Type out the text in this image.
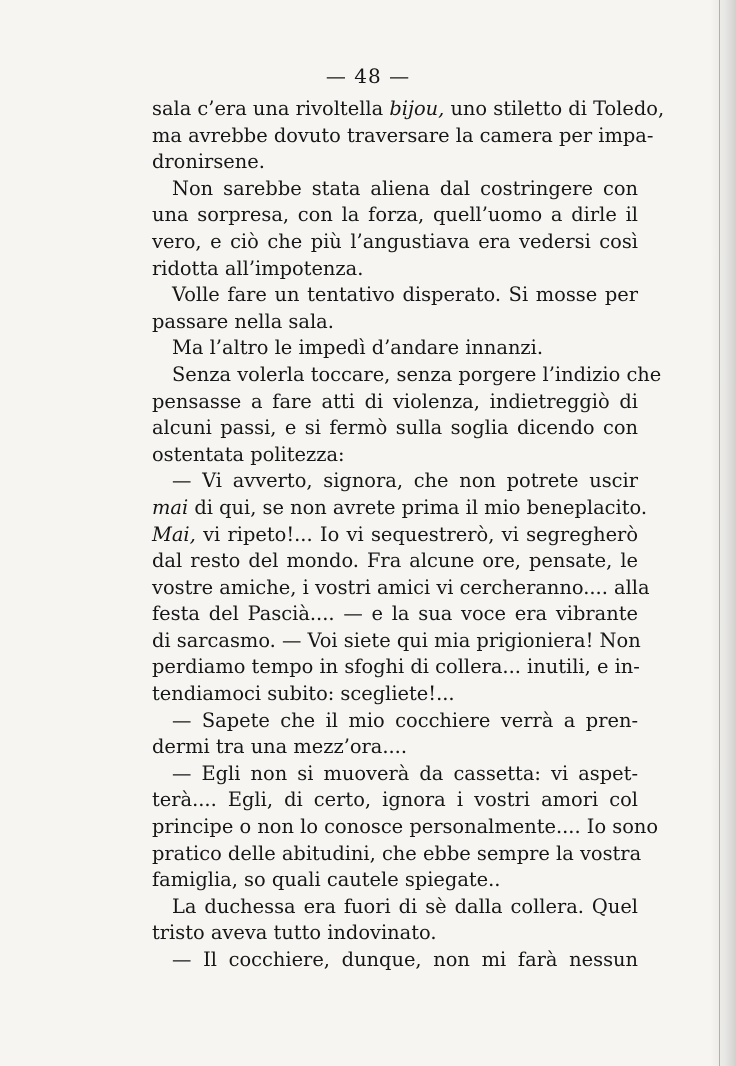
— 48 —
sala c’era una rivoltella bijou, uno stiletto di Toledo,
ma avrebbe dovuto traversare la camera per impa-
dronirsene.
Non sarebbe stata aliena dal costringere con
una sorpresa, con la forza, quell’uomo a dirle il
vero, e ciò che più l’angustiava era vedersi così
ridotta all’impotenza.
Volle fare un tentativo disperato. Si mosse per
passare nella sala.
Ma l’altro le impedì d’andare innanzi.
Senza volerla toccare, senza porgere l’indizio che
pensasse a fare atti di violenza, indietreggiò di
alcuni passi, e si fermò sulla soglia dicendo con
ostentata politezza:
— Vi avverto, signora, che non potrete uscir
mai di qui, se non avrete prima il mio beneplacito.
Mai, vi ripeto!... Io vi sequestrerò, vi segregherò
dal resto del mondo. Fra alcune ore, pensate, le
vostre amiche, i vostri amici vi cercheranno.... alla
festa del Pascià.... — e la sua voce era vibrante
di sarcasmo. — Voi siete qui mia prigioniera! Non
perdiamo tempo in sfoghi di collera... inutili, e in-
tendiamoci subito: scegliete!...
— Sapete che il mio cocchiere verrà a pren-
dermi tra una mezz’ora....
— Egli non si muoverà da cassetta: vi aspet-
terà.... Egli, di certo, ignora i vostri amori col
principe o non lo conosce personalmente.... Io sono
pratico delle abitudini, che ebbe sempre la vostra
famiglia, so quali cautele spiegate..
La duchessa era fuori di sè dalla collera. Quel
tristo aveva tutto indovinato.
— Il cocchiere, dunque, non mi farà nessun
